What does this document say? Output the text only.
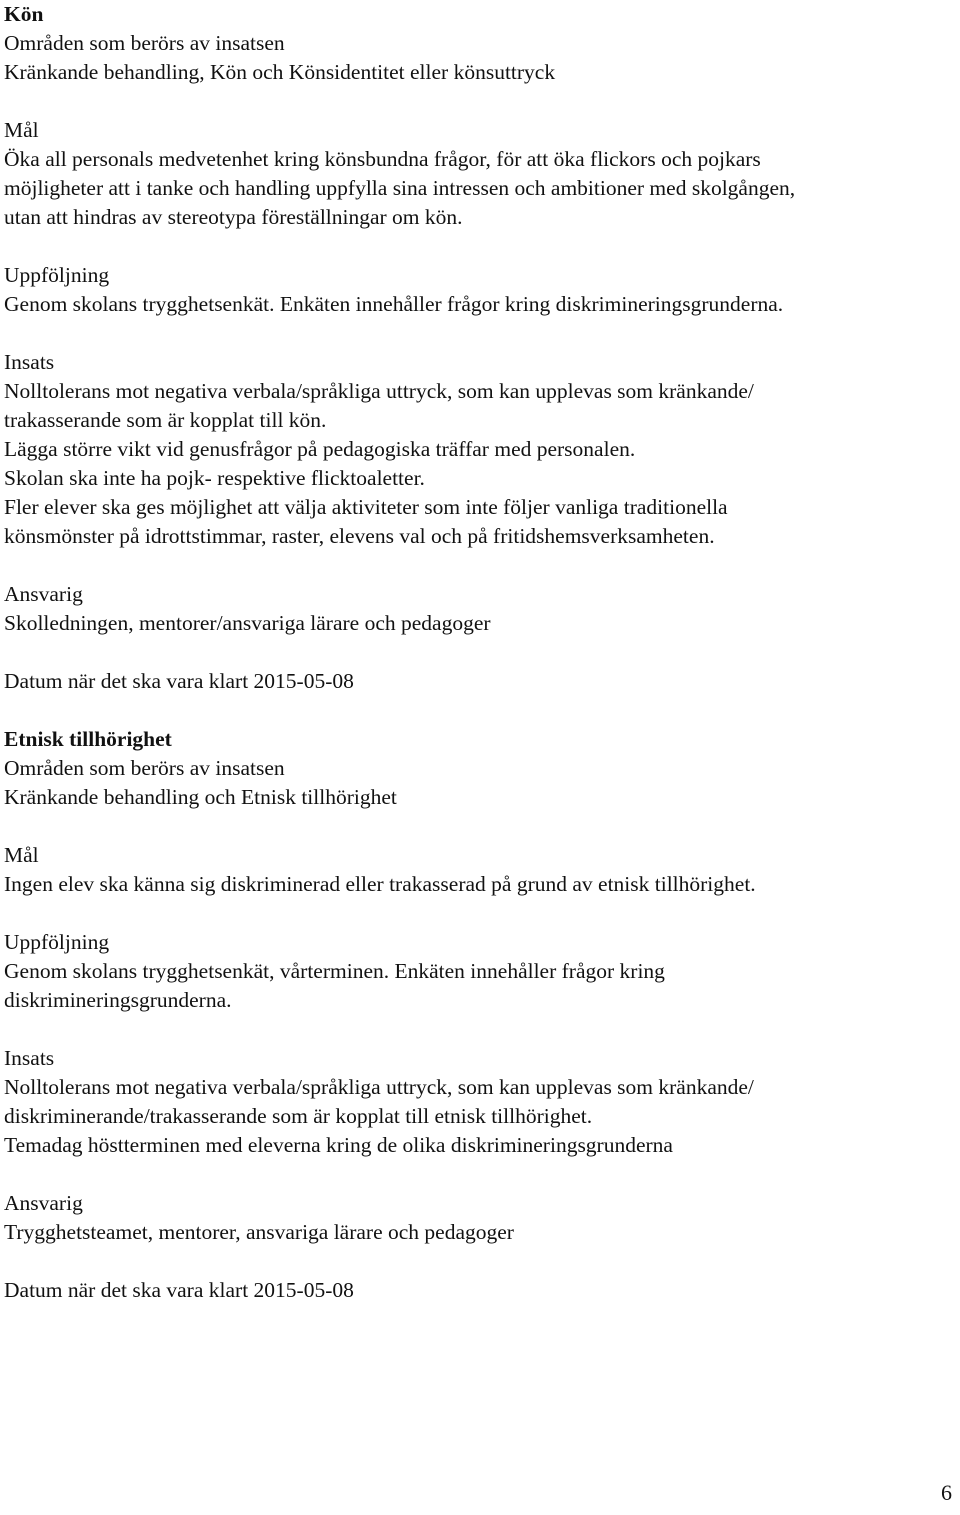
Kön
Områden som berörs av insatsen
Kränkande behandling, Kön och Könsidentitet eller könsuttryck
Mål
Öka all personals medvetenhet kring könsbundna frågor, för att öka flickors och pojkars
möjligheter att i tanke och handling uppfylla sina intressen och ambitioner med skolgången,
utan att hindras av stereotypa föreställningar om kön.
Uppföljning
Genom skolans trygghetsenkät. Enkäten innehåller frågor kring diskrimineringsgrunderna.
Insats
Nolltolerans mot negativa verbala/språkliga uttryck, som kan upplevas som kränkande/
trakasserande som är kopplat till kön.
Lägga större vikt vid genusfrågor på pedagogiska träffar med personalen.
Skolan ska inte ha pojk- respektive flicktoaletter.
Fler elever ska ges möjlighet att välja aktiviteter som inte följer vanliga traditionella
könsmönster på idrottstimmar, raster, elevens val och på fritidshemsverksamheten.
Ansvarig
Skolledningen, mentorer/ansvariga lärare och pedagoger
Datum när det ska vara klart 2015-05-08
Etnisk tillhörighet
Områden som berörs av insatsen
Kränkande behandling och Etnisk tillhörighet
Mål
Ingen elev ska känna sig diskriminerad eller trakasserad på grund av etnisk tillhörighet.
Uppföljning
Genom skolans trygghetsenkät, vårterminen. Enkäten innehåller frågor kring
diskrimineringsgrunderna.
Insats
Nolltolerans mot negativa verbala/språkliga uttryck, som kan upplevas som kränkande/
diskriminerande/trakasserande som är kopplat till etnisk tillhörighet.
Temadag höstterminen med eleverna kring de olika diskrimineringsgrunderna
Ansvarig
Trygghetsteamet, mentorer, ansvariga lärare och pedagoger
Datum när det ska vara klart 2015-05-08
6
